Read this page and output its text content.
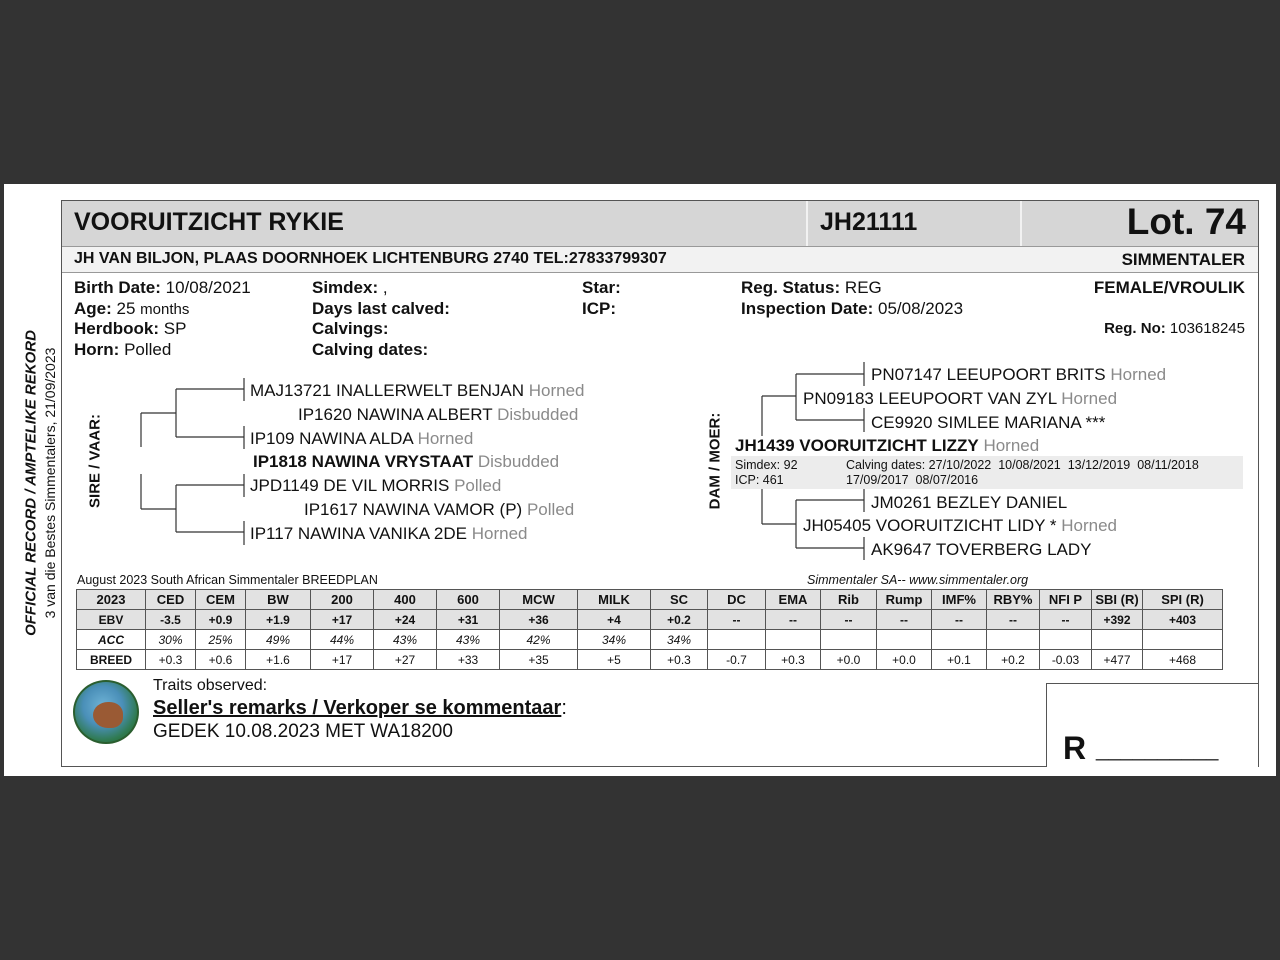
OFFICIAL RECORD / AMPTELIKE REKORD 3 van die Bestes Simmentalers, 21/09/2023
VOORUITZICHT RYKIE	JH21111	Lot. 74
JH VAN BILJON, PLAAS DOORNHOEK LICHTENBURG 2740 TEL:27833799307	SIMMENTALER
Birth Date: 10/08/2021
Age: 25 months
Herdbook: SP
Horn: Polled
Simdex: ,
Days last calved:
Calvings:
Calving dates:
Star:
ICP:
Reg. Status: REG
Inspection Date: 05/08/2023
FEMALE/VROULIK
Reg. No: 103618245
SIRE / VAAR:	DAM / MOER:
MAJ13721 INALLERWELT BENJAN Horned
IP1620 NAWINA ALBERT Disbudded
IP109 NAWINA ALDA Horned
IP1818 NAWINA VRYSTAAT Disbudded
JPD1149 DE VIL MORRIS Polled
IP1617 NAWINA VAMOR (P) Polled
IP117 NAWINA VANIKA 2DE Horned
PN07147 LEEUPOORT BRITS Horned
PN09183 LEEUPOORT VAN ZYL Horned
CE9920 SIMLEE MARIANA ***
JH1439 VOORUITZICHT LIZZY Horned
Simdex: 92
ICP: 461
Calving dates: 27/10/2022  10/08/2021  13/12/2019  08/11/2018
17/09/2017  08/07/2016
JM0261 BEZLEY DANIEL
JH05405 VOORUITZICHT LIDY * Horned
AK9647 TOVERBERG LADY
August 2023 South African Simmentaler BREEDPLAN	Simmentaler SA-- www.simmentaler.org
2023	CED	CEM	BW	200	400	600	MCW	MILK	SC	DC	EMA	Rib	Rump	IMF%	RBY%	NFI P	SBI (R)	SPI (R)
EBV	-3.5	+0.9	+1.9	+17	+24	+31	+36	+4	+0.2	--	--	--	--	--	--	--	+392	+403
ACC	30%	25%	49%	44%	43%	43%	42%	34%	34%									
BREED	+0.3	+0.6	+1.6	+17	+27	+33	+35	+5	+0.3	-0.7	+0.3	+0.0	+0.0	+0.1	+0.2	-0.03	+477	+468
Traits observed:
Seller's remarks / Verkoper se kommentaar:
GEDEK 10.08.2023 MET WA18200	R __________
